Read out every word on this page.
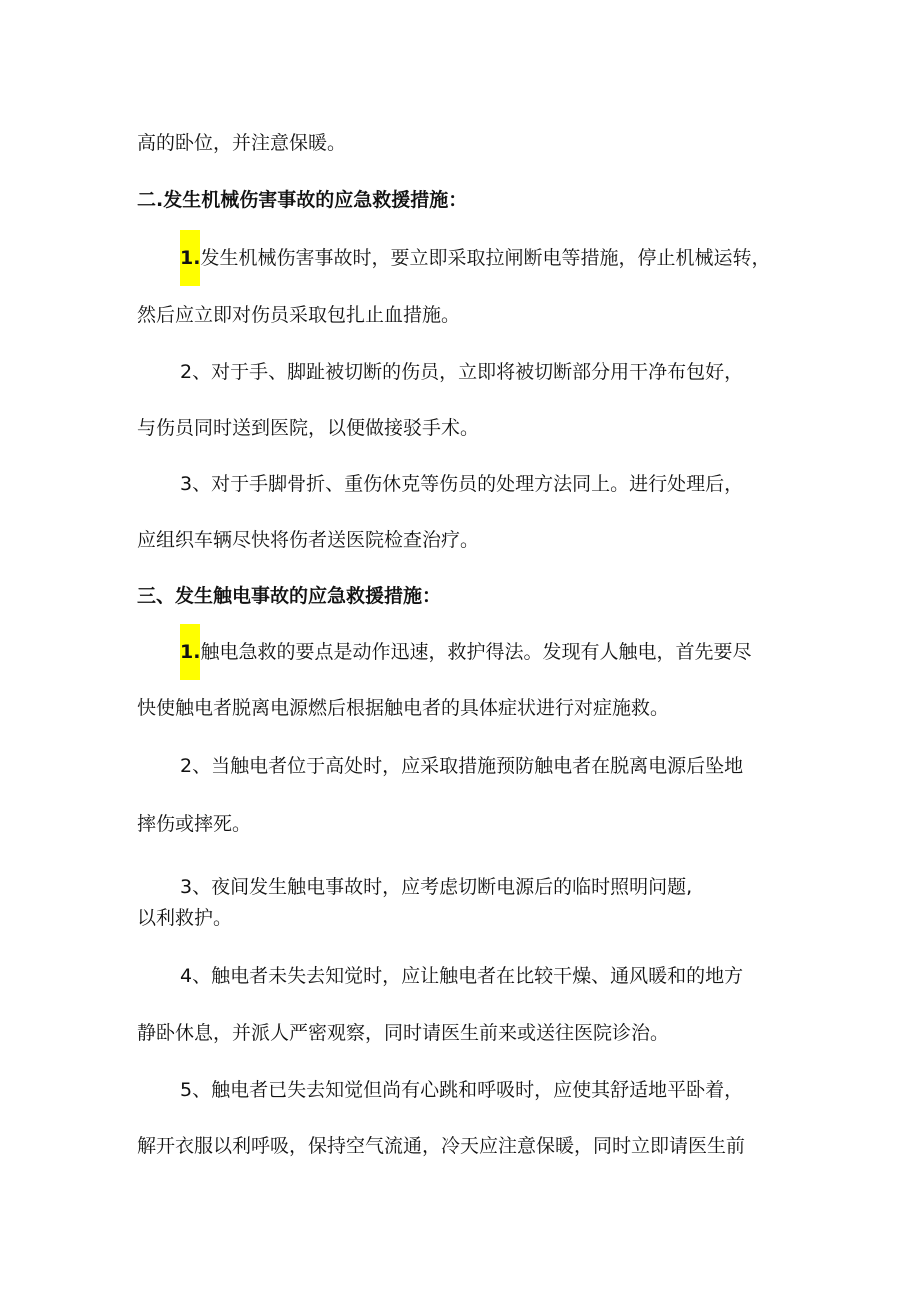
高的卧位，并注意保暖。
二.发生机械伤害事故的应急救援措施：
1.发生机械伤害事故时，要立即采取拉闸断电等措施，停止机械运转，
然后应立即对伤员采取包扎止血措施。
2、对于手、脚趾被切断的伤员，立即将被切断部分用干净布包好，
与伤员同时送到医院，以便做接驳手术。
3、对于手脚骨折、重伤休克等伤员的处理方法同上。进行处理后，
应组织车辆尽快将伤者送医院检查治疗。
三、发生触电事故的应急救援措施：
1.触电急救的要点是动作迅速，救护得法。发现有人触电，首先要尽
快使触电者脱离电源燃后根据触电者的具体症状进行对症施救。
2、当触电者位于高处时，应采取措施预防触电者在脱离电源后坠地
摔伤或摔死。
3、夜间发生触电事故时，应考虑切断电源后的临时照明问题,
以利救护。
4、触电者未失去知觉时，应让触电者在比较干燥、通风暖和的地方
静卧休息，并派人严密观察，同时请医生前来或送往医院诊治。
5、触电者已失去知觉但尚有心跳和呼吸时，应使其舒适地平卧着，
解开衣服以利呼吸，保持空气流通，冷天应注意保暖，同时立即请医生前
